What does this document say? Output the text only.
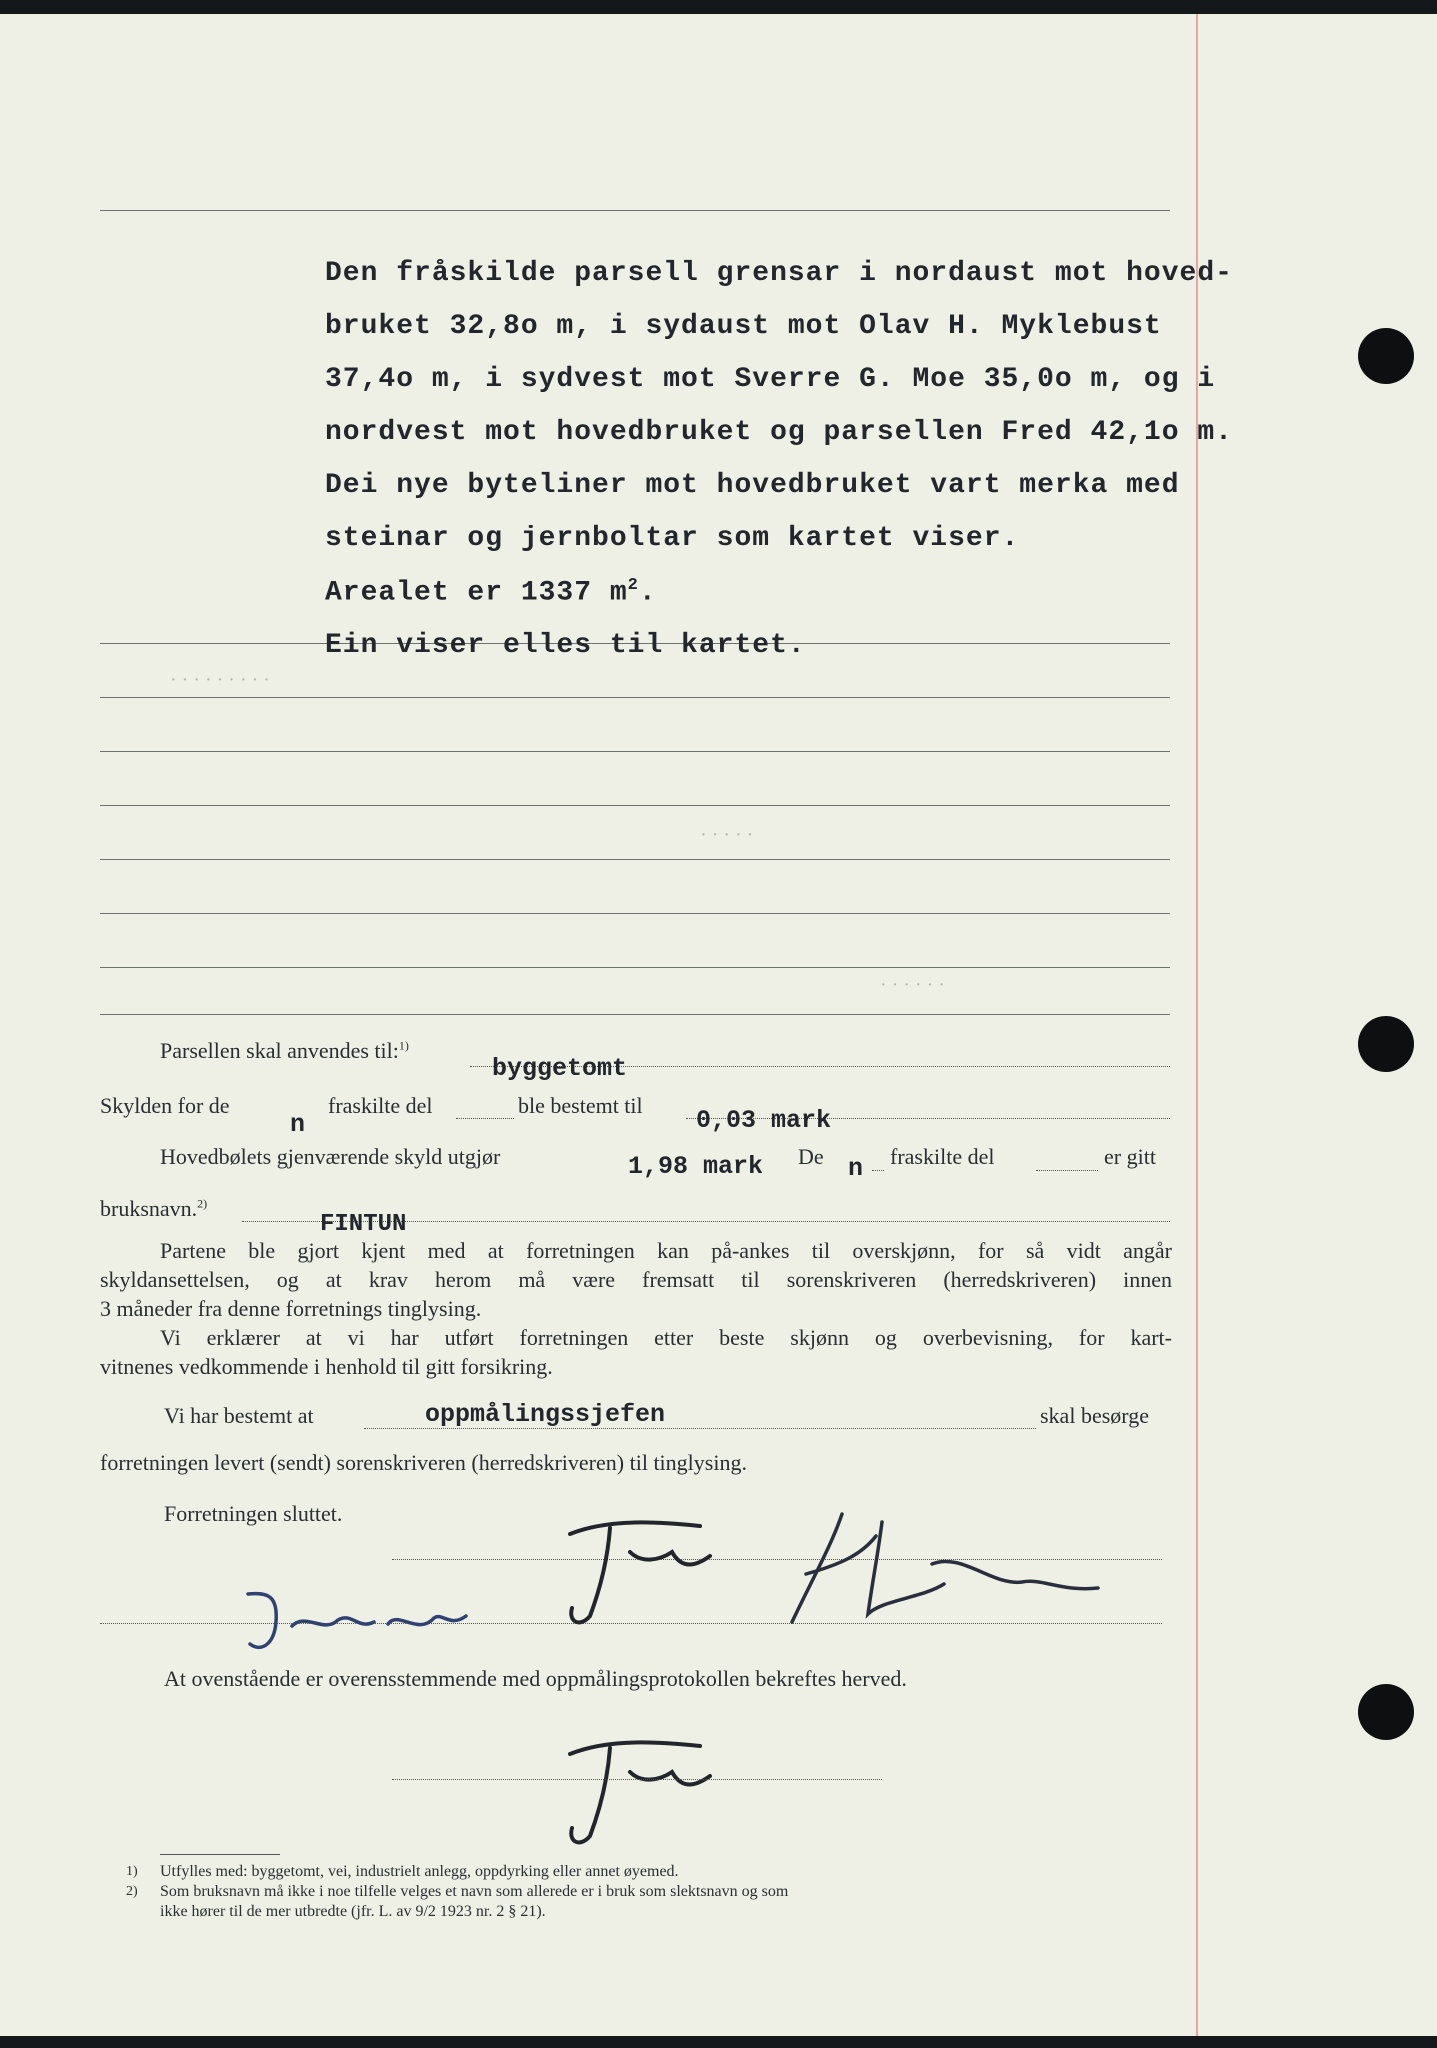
· · · · · · · · ·
· · · · ·
· · · · · ·
Den fråskilde parsell grensar i nordaust mot hoved-
bruket 32,8o m, i sydaust mot Olav H. Myklebust
37,4o m, i sydvest mot Sverre G. Moe 35,0o m, og i
nordvest mot hovedbruket og parsellen Fred 42,1o m.
Dei nye byteliner mot hovedbruket vart merka med
steinar og jernboltar som kartet viser.
Arealet er 1337 $m^2$.
Ein viser elles til kartet.
Parsellen skal anvendes til:$^{1)}$
byggetomt
Skylden for de	fraskilte del	ble bestemt til
n	0,03 mark
Hovedbølets gjenværende skyld utgjør	1,98 mark De n fraskilte del	er gitt
bruksnavn.$^{2)}$
FINTUN
Partene ble gjort kjent med at forretningen kan på-ankes til overskjønn, for så vidt angår
skyldansettelsen, og at krav herom må være fremsatt til sorenskriveren (herredskriveren) innen
3 måneder fra denne forretnings tinglysing.
Vi erklærer at vi har utført forretningen etter beste skjønn og overbevisning, for kart-
vitnenes vedkommende i henhold til gitt forsikring.
Vi har bestemt at	oppmålingssjefen	skal besørge
forretningen levert (sendt) sorenskriveren (herredskriveren) til tinglysing.
Forretningen sluttet.
At ovenstående er overensstemmende med oppmålingsprotokollen bekreftes herved.
1) Utfylles med: byggetomt, vei, industrielt anlegg, oppdyrking eller annet øyemed.
2) Som bruksnavn må ikke i noe tilfelle velges et navn som allerede er i bruk som slektsnavn og som
ikke hører til de mer utbredte (jfr. L. av 9/2 1923 nr. 2 § 21).
